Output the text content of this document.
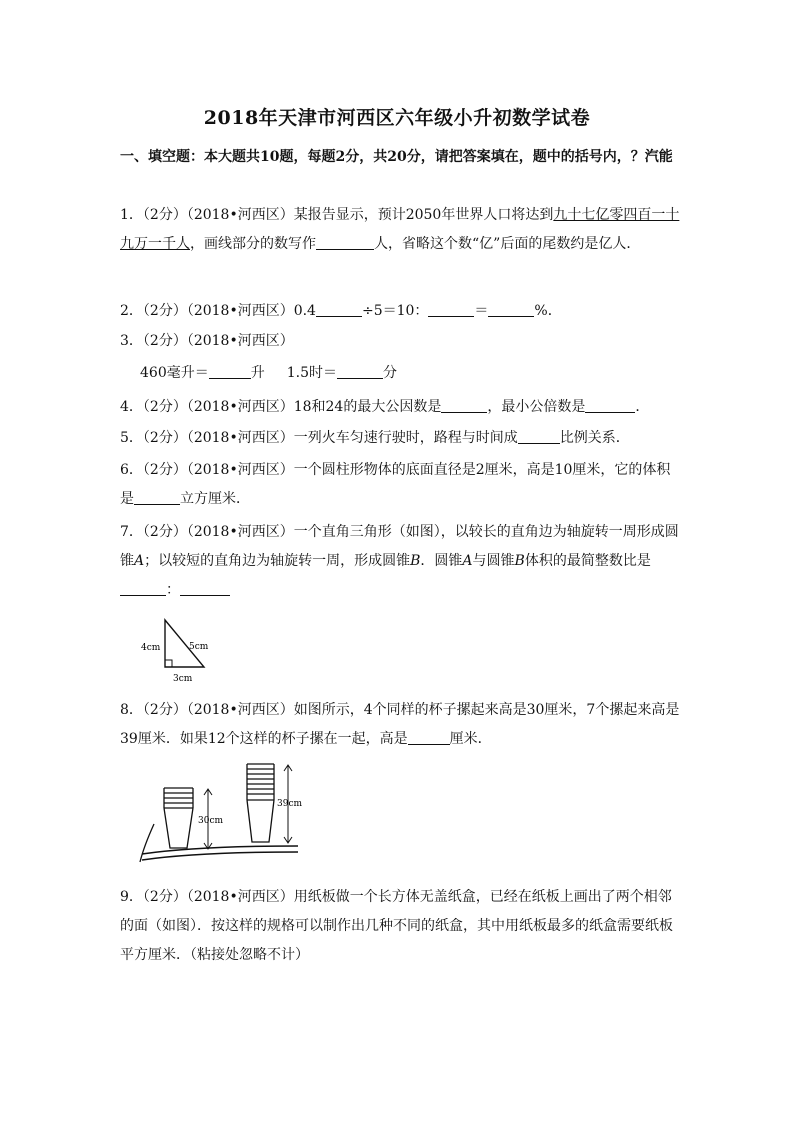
2018年天津市河西区六年级小升初数学试卷
一、填空题：本大题共10题，每题2分，共20分，请把答案填在，题中的括号内，？汽能
1．（2分）（2018•河西区）某报告显示，预计2050年世界人口将达到九十七亿零四百一十九万一千人，画线部分的数写作	人，省略这个数“亿”后面的尾数约是亿人．
2．（2分）（2018•河西区）0.4	÷5＝10：	＝	%．
3．（2分）（2018•河西区）
460毫升＝	升 1.5时＝	分
4．（2分）（2018•河西区）18和24的最大公因数是	，最小公倍数是	．
5．（2分）（2018•河西区）一列火车匀速行驶时，路程与时间成	比例关系．
6．（2分）（2018•河西区）一个圆柱形物体的底面直径是2厘米，高是10厘米，它的体积是	立方厘米．
7．（2分）（2018•河西区）一个直角三角形（如图），以较长的直角边为轴旋转一周形成圆锥A；以较短的直角边为轴旋转一周，形成圆锥B．圆锥A与圆锥B体积的最简整数比是：
4cm	5cm
3cm
8．（2分）（2018•河西区）如图所示，4个同样的杯子摞起来高是30厘米，7个摞起来高是39厘米．如果12个这样的杯子摞在一起，高是	厘米．
30cm
39cm
9．（2分）（2018•河西区）用纸板做一个长方体无盖纸盒，已经在纸板上画出了两个相邻的面（如图）．按这样的规格可以制作出几种不同的纸盒，其中用纸板最多的纸盒需要纸板平方厘米．（粘接处忽略不计）
